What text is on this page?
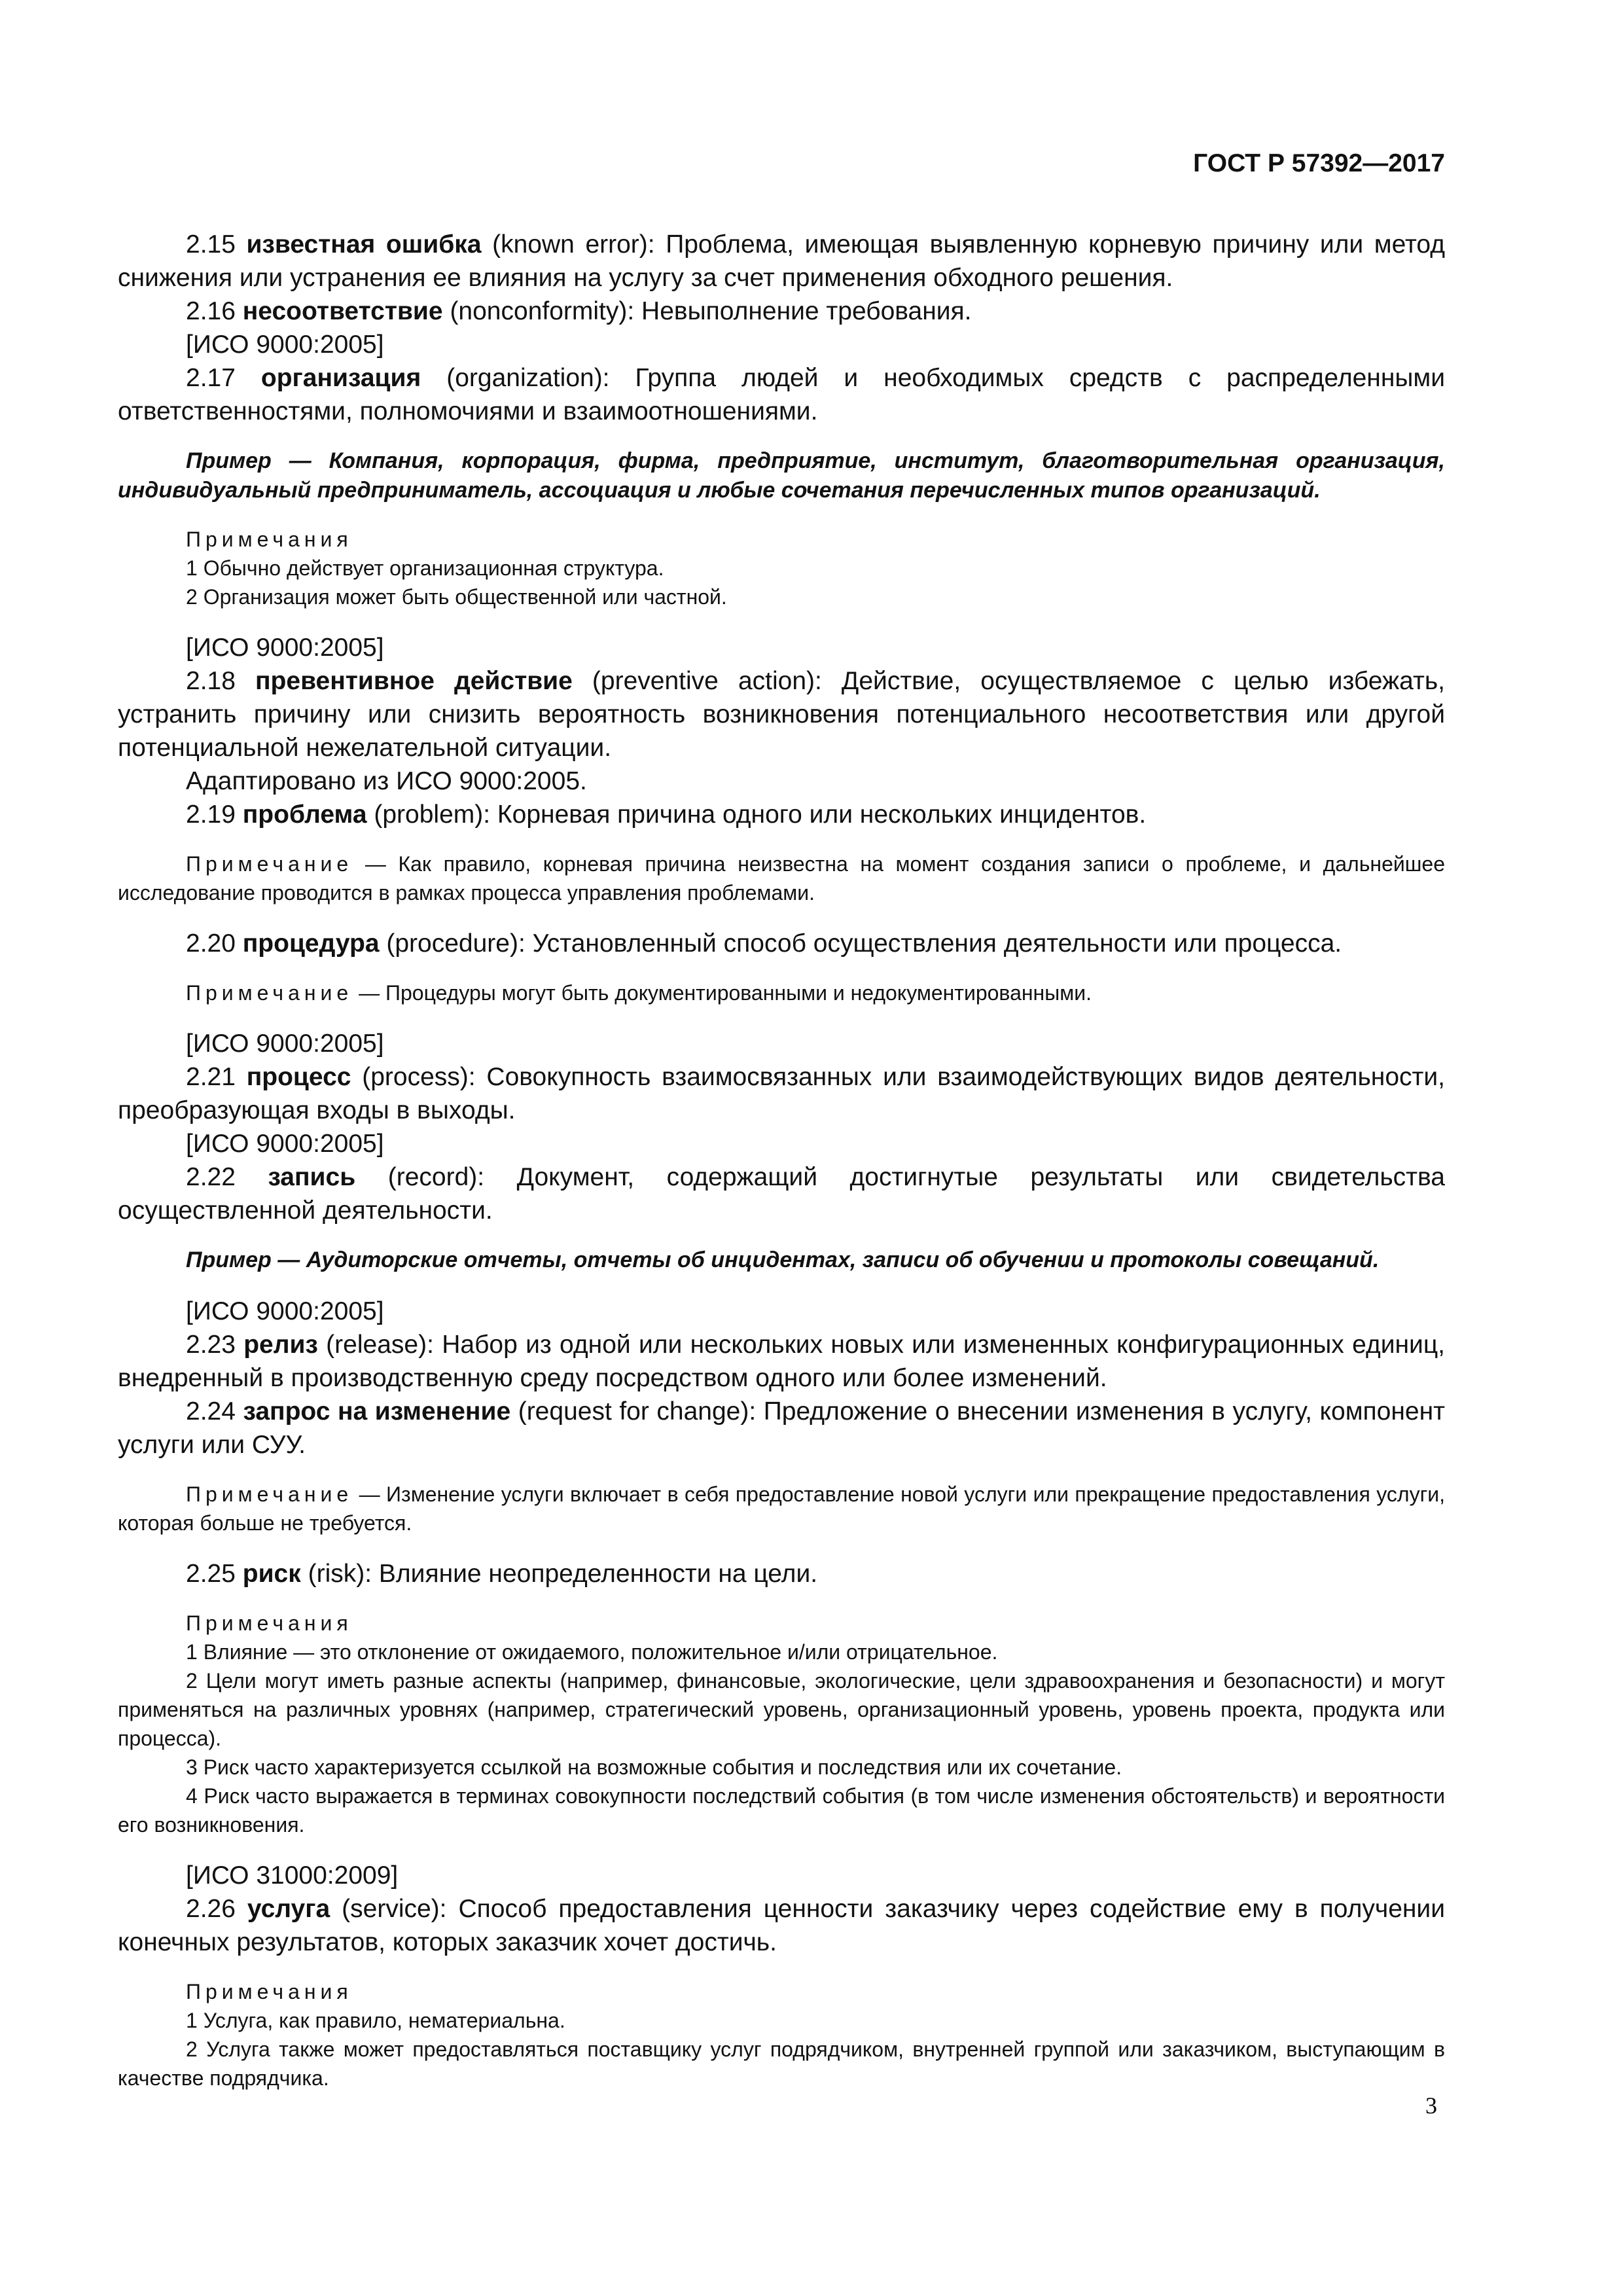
ГОСТ Р 57392—2017

2.15 известная ошибка (known error): Проблема, имеющая выявленную корневую причину или метод снижения или устранения ее влияния на услугу за счет применения обходного решения.

2.16 несоответствие (nonconformity): Невыполнение требования.

[ИСО 9000:2005]

2.17 организация (organization): Группа людей и необходимых средств с распределенными ответственностями, полномочиями и взаимоотношениями.

Пример — Компания, корпорация, фирма, предприятие, институт, благотворительная организация, индивидуальный предприниматель, ассоциация и любые сочетания перечисленных типов организаций.

Примечания

1 Обычно действует организационная структура.

2 Организация может быть общественной или частной.

[ИСО 9000:2005]

2.18 превентивное действие (preventive action): Действие, осуществляемое с целью избежать, устранить причину или снизить вероятность возникновения потенциального несоответствия или другой потенциальной нежелательной ситуации.

Адаптировано из ИСО 9000:2005.

2.19 проблема (problem): Корневая причина одного или нескольких инцидентов.

Примечание — Как правило, корневая причина неизвестна на момент создания записи о проблеме, и дальнейшее исследование проводится в рамках процесса управления проблемами.

2.20 процедура (procedure): Установленный способ осуществления деятельности или процесса.

Примечание — Процедуры могут быть документированными и недокументированными.

[ИСО 9000:2005]

2.21 процесс (process): Совокупность взаимосвязанных или взаимодействующих видов деятельности, преобразующая входы в выходы.

[ИСО 9000:2005]

2.22 запись (record): Документ, содержащий достигнутые результаты или свидетельства осуществленной деятельности.

Пример — Аудиторские отчеты, отчеты об инцидентах, записи об обучении и протоколы совещаний.

[ИСО 9000:2005]

2.23 релиз (release): Набор из одной или нескольких новых или измененных конфигурационных единиц, внедренный в производственную среду посредством одного или более изменений.

2.24 запрос на изменение (request for change): Предложение о внесении изменения в услугу, компонент услуги или СУУ.

Примечание — Изменение услуги включает в себя предоставление новой услуги или прекращение предоставления услуги, которая больше не требуется.

2.25 риск (risk): Влияние неопределенности на цели.

Примечания

1 Влияние — это отклонение от ожидаемого, положительное и/или отрицательное.

2 Цели могут иметь разные аспекты (например, финансовые, экологические, цели здравоохранения и безопасности) и могут применяться на различных уровнях (например, стратегический уровень, организационный уровень, уровень проекта, продукта или процесса).

3 Риск часто характеризуется ссылкой на возможные события и последствия или их сочетание.

4 Риск часто выражается в терминах совокупности последствий события (в том числе изменения обстоятельств) и вероятности его возникновения.

[ИСО 31000:2009]

2.26 услуга (service): Способ предоставления ценности заказчику через содействие ему в получении конечных результатов, которых заказчик хочет достичь.

Примечания

1 Услуга, как правило, нематериальна.

2 Услуга также может предоставляться поставщику услуг подрядчиком, внутренней группой или заказчиком, выступающим в качестве подрядчика.

3
